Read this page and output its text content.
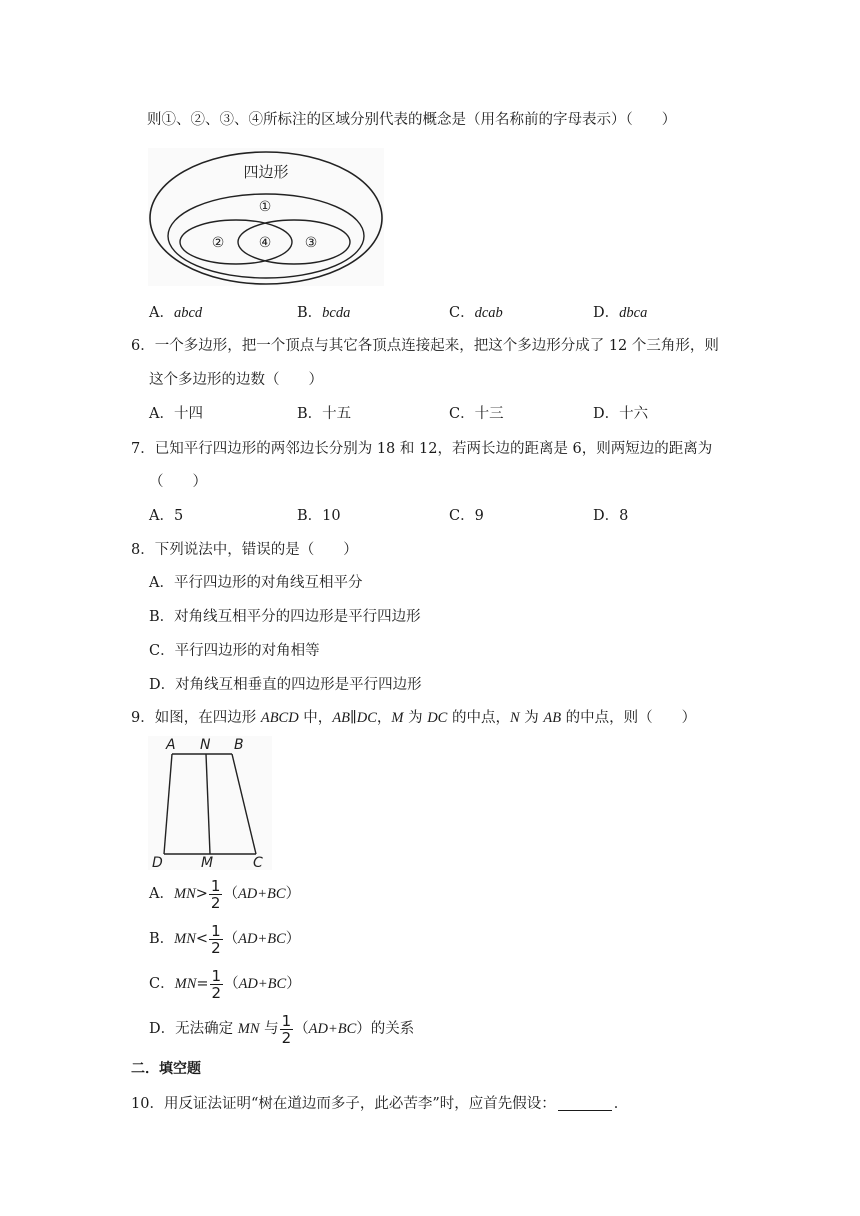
则①、②、③、④所标注的区域分别代表的概念是（用名称前的字母表示）（　　）
四边形
①
② ④ ③
A．abcd	B．bcda	C．dcab	D．dbca
6．一个多边形，把一个顶点与其它各顶点连接起来，把这个多边形分成了 12 个三角形，则
这个多边形的边数（　　）
A．十四	B．十五	C．十三	D．十六
7．已知平行四边形的两邻边长分别为 18 和 12，若两长边的距离是 6，则两短边的距离为
（　　）
A．5	B．10	C．9	D．8
8．下列说法中，错误的是（　　）
A．平行四边形的对角线互相平分
B．对角线互相平分的四边形是平行四边形
C．平行四边形的对角相等
D．对角线互相垂直的四边形是平行四边形
9．如图，在四边形 ABCD 中，AB∥DC，M 为 DC 的中点，N 为 AB 的中点，则（　　）
A N B
D	M	C
A．$MN> \frac{1}{2} (AD+BC)$
B．$MN< \frac{1}{2} (AD+BC)$
C．$MN= \frac{1}{2} (AD+BC)$
D．无法确定 MN 与 $\frac{1}{2} (AD+BC)$的关系
二．填空题
10．用反证法证明“树在道边而多子，此必苦李”时，应首先假设：	．
